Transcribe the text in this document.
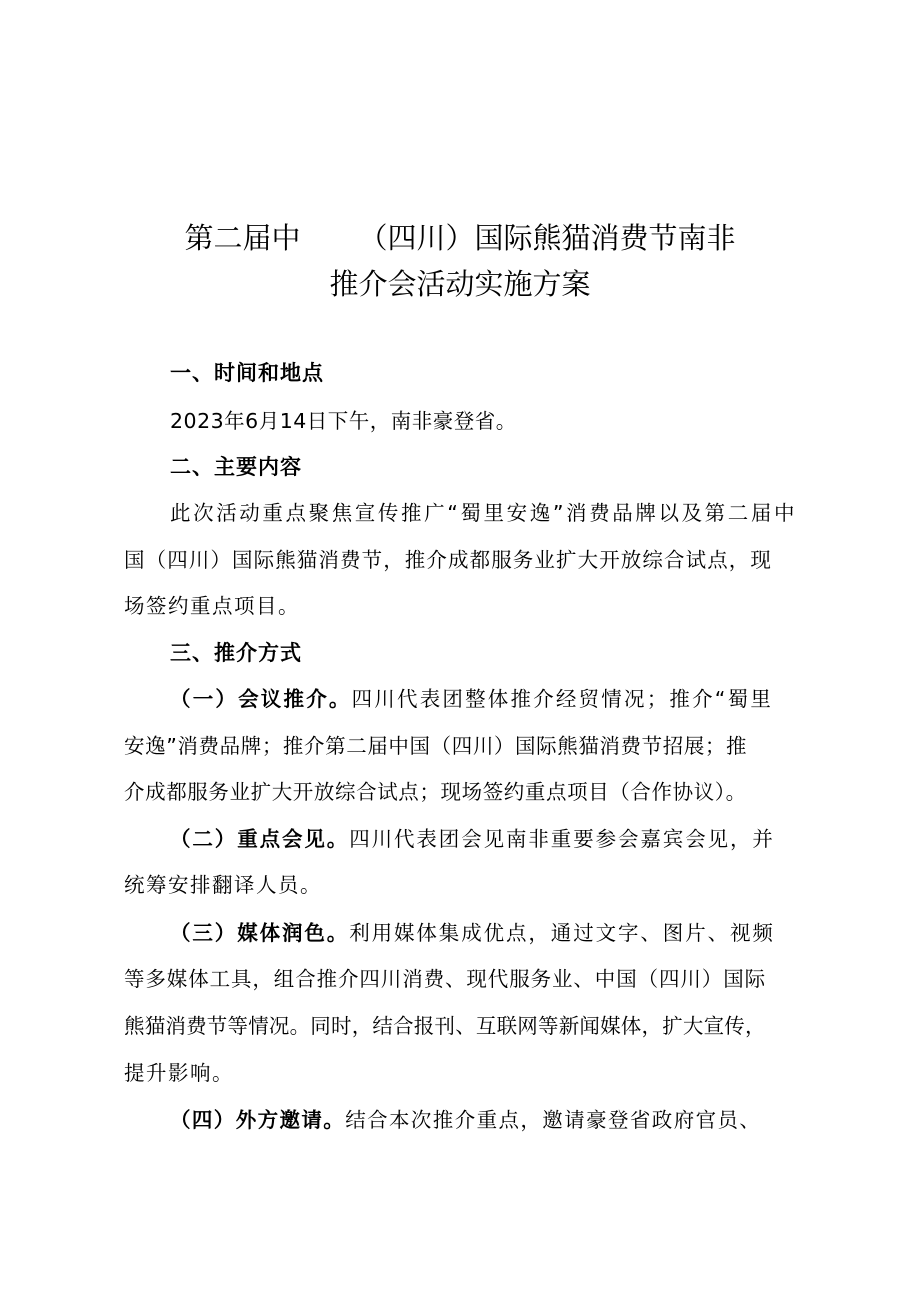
第二届中 （四川）国际熊猫消费节南非
推介会活动实施方案

一、时间和地点

2023年6月14日下午，南非豪登省。

二、主要内容

此次活动重点聚焦宣传推广“蜀里安逸”消费品牌以及第二届中

国（四川）国际熊猫消费节，推介成都服务业扩大开放综合试点，现

场签约重点项目。

三、推介方式

（一）会议推介。四川代表团整体推介经贸情况；推介“蜀里

安逸”消费品牌；推介第二届中国（四川）国际熊猫消费节招展；推

介成都服务业扩大开放综合试点；现场签约重点项目（合作协议）。

（二）重点会见。四川代表团会见南非重要参会嘉宾会见，并

统筹安排翻译人员。

（三）媒体润色。利用媒体集成优点，通过文字、图片、视频

等多媒体工具，组合推介四川消费、现代服务业、中国（四川）国际

熊猫消费节等情况。同时，结合报刊、互联网等新闻媒体，扩大宣传，

提升影响。

（四）外方邀请。结合本次推介重点，邀请豪登省政府官员、
